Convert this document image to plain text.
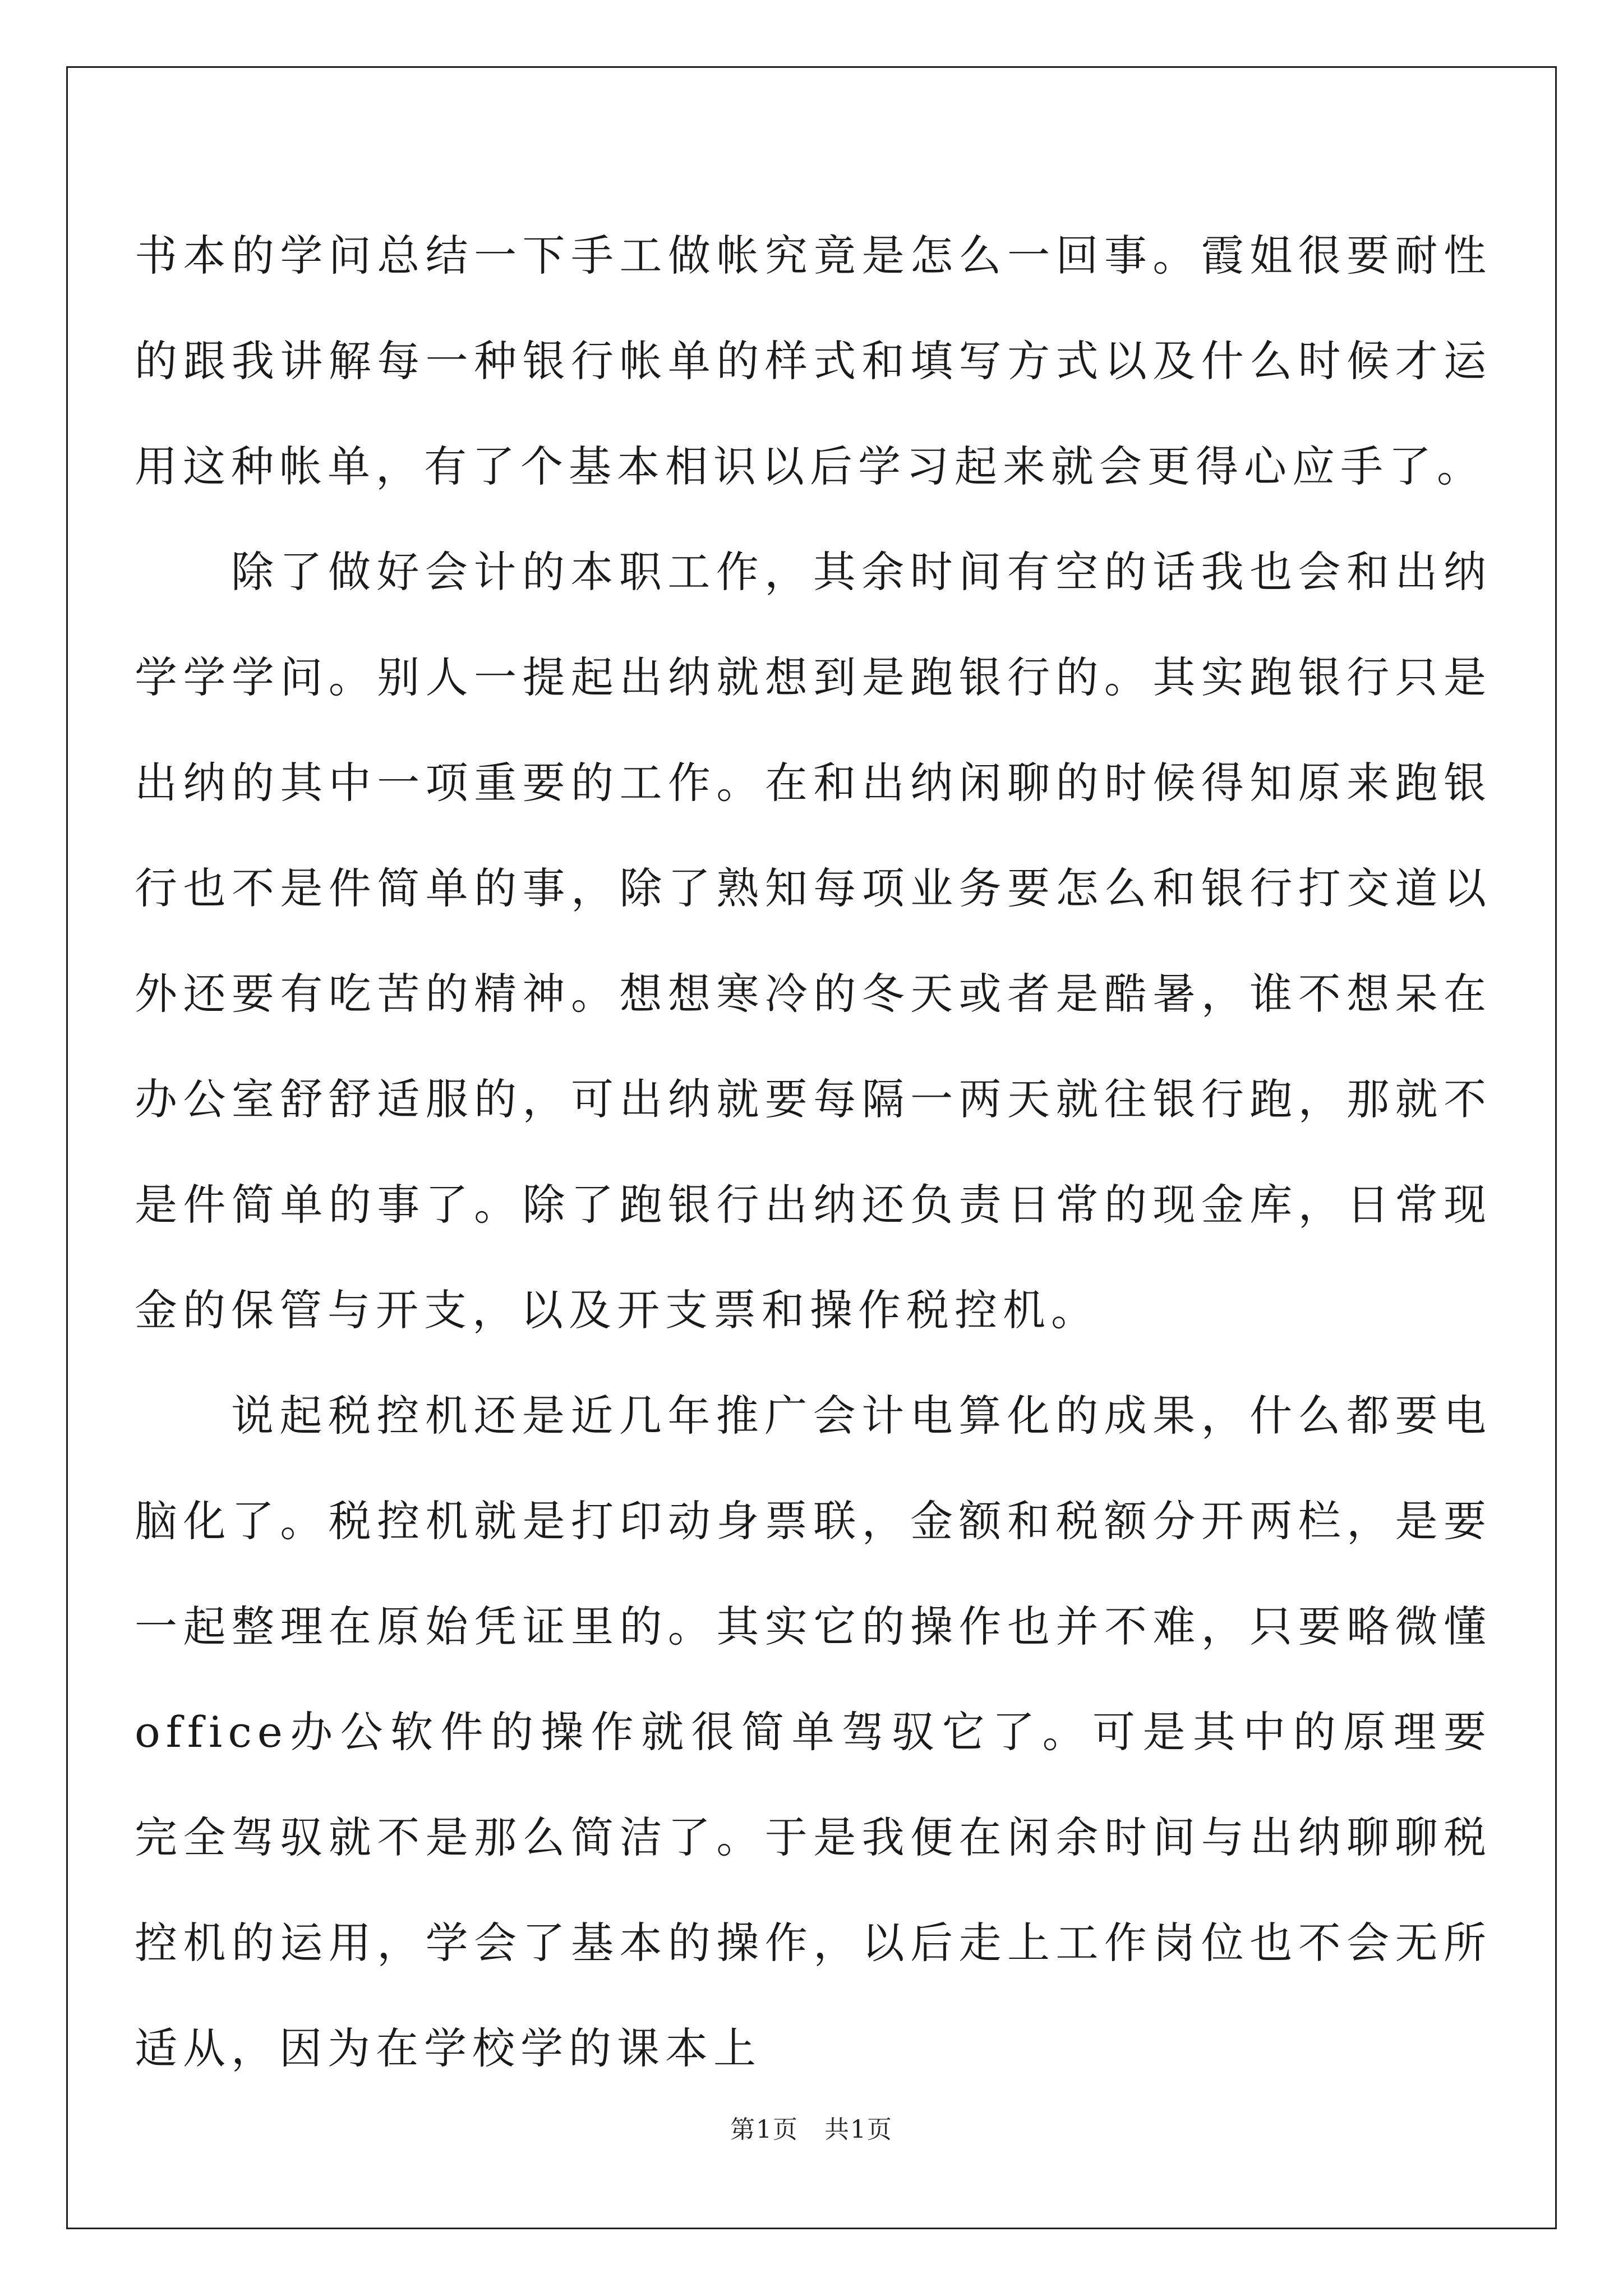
书本的学问总结一下手工做帐究竟是怎么一回事。霞姐很要耐性的跟我讲解每一种银行帐单的样式和填写方式以及什么时候才运用这种帐单，有了个基本相识以后学习起来就会更得心应手了。

除了做好会计的本职工作，其余时间有空的话我也会和出纳学学学问。别人一提起出纳就想到是跑银行的。其实跑银行只是出纳的其中一项重要的工作。在和出纳闲聊的时候得知原来跑银行也不是件简单的事，除了熟知每项业务要怎么和银行打交道以外还要有吃苦的精神。想想寒冷的冬天或者是酷暑，谁不想呆在办公室舒舒适服的，可出纳就要每隔一两天就往银行跑，那就不是件简单的事了。除了跑银行出纳还负责日常的现金库，日常现金的保管与开支，以及开支票和操作税控机。

说起税控机还是近几年推广会计电算化的成果，什么都要电脑化了。税控机就是打印动身票联，金额和税额分开两栏，是要一起整理在原始凭证里的。其实它的操作也并不难，只要略微懂office办公软件的操作就很简单驾驭它了。可是其中的原理要完全驾驭就不是那么简洁了。于是我便在闲余时间与出纳聊聊税控机的运用，学会了基本的操作，以后走上工作岗位也不会无所适从，因为在学校学的课本上

第1页　共1页
